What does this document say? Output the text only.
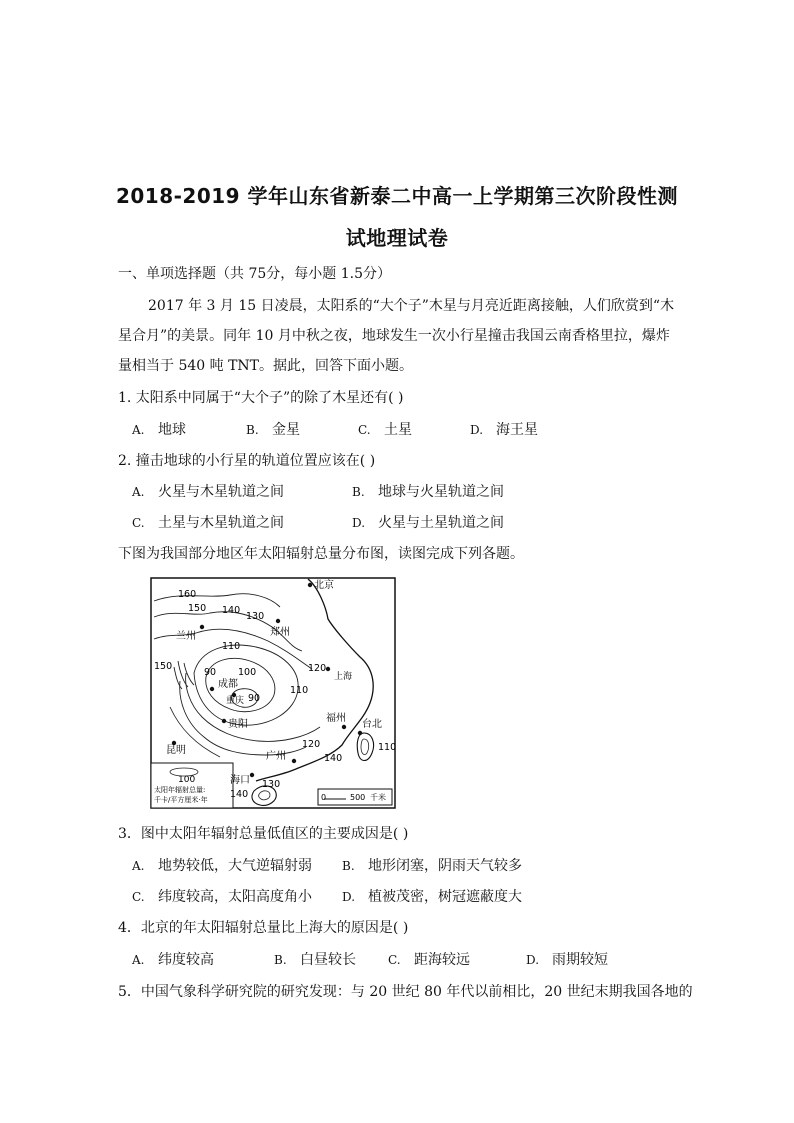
2018-2019 学年山东省新泰二中高一上学期第三次阶段性测
试地理试卷
一、单项选择题（共 75分，每小题 1.5分）
2017 年 3 月 15 日凌晨，太阳系的“大个子”木星与月亮近距离接触，人们欣赏到“木
星合月”的美景。同年 10 月中秋之夜，地球发生一次小行星撞击我国云南香格里拉，爆炸
量相当于 540 吨 TNT。据此，回答下面小题。
1. 太阳系中同属于“大个子”的除了木星还有( )
A. 地球	B. 金星	C. 土星	D. 海王星
2. 撞击地球的小行星的轨道位置应该在( )
A. 火星与木星轨道之间	B. 地球与火星轨道之间
C. 土星与木星轨道之间	D. 火星与土星轨道之间
下图为我国部分地区年太阳辐射总量分布图，读图完成下列各题。
100
太阳年辐射总量:
千卡/平方厘米·年	0	500 千米
北京
兰州	郑州
上海
成都
重庆
贵阳
福州
台北
昆明
广州
海口
160
150 140
130
110
120
150
90 100
90
110
120
140
130
140
110
3．图中太阳年辐射总量低值区的主要成因是( )
A. 地势较低，大气逆辐射弱	B. 地形闭塞，阴雨天气较多
C. 纬度较高，太阳高度角小	D. 植被茂密，树冠遮蔽度大
4．北京的年太阳辐射总量比上海大的原因是( )
A. 纬度较高	B. 白昼较长	C. 距海较远	D. 雨期较短
5．中国气象科学研究院的研究发现：与 20 世纪 80 年代以前相比，20 世纪末期我国各地的
